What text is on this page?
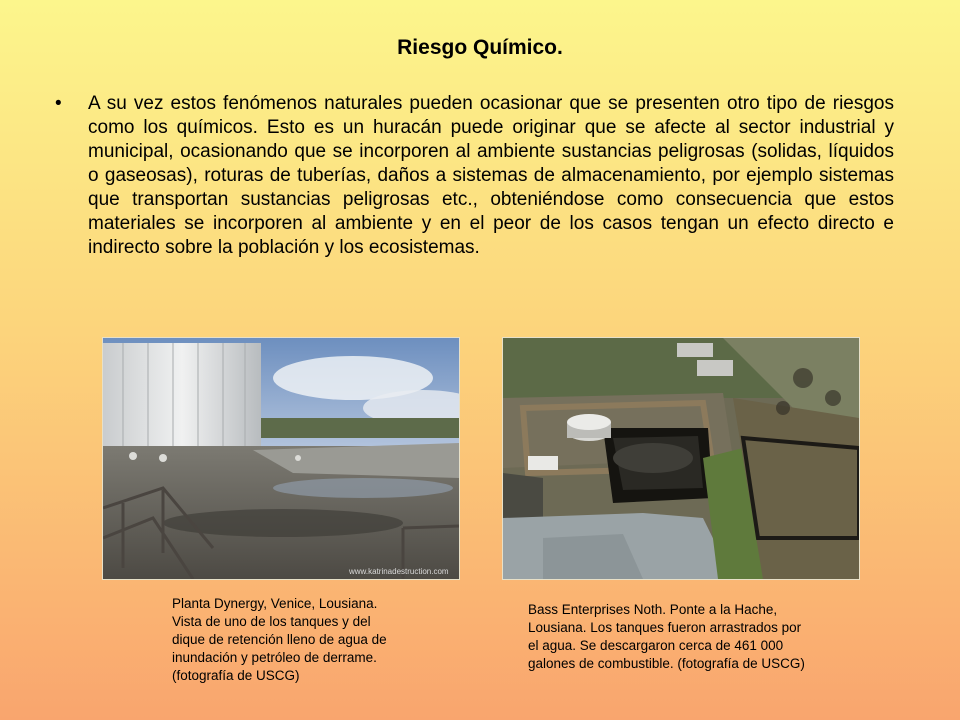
Riesgo Químico.
• A su vez estos fenómenos naturales pueden ocasionar que se presenten otro tipo de riesgos como los químicos. Esto es un huracán puede originar que se afecte al sector industrial y municipal, ocasionando que se incorporen al ambiente sustancias peligrosas (solidas, líquidos o gaseosas), roturas de tuberías, daños a sistemas de almacenamiento, por ejemplo sistemas que transportan sustancias peligrosas etc., obteniéndose como consecuencia que estos materiales se incorporen al ambiente y en el peor de los casos tengan un efecto directo e indirecto sobre la población y los ecosistemas.
www.katrinadestruction.com
Planta Dynergy, Venice, Lousiana.
Vista de uno de los tanques y del
dique de retención lleno de agua de
inundación y petróleo de derrame.
(fotografía de USCG)
Bass Enterprises Noth. Ponte a la Hache,
Lousiana. Los tanques fueron arrastrados por
el agua. Se descargaron cerca de 461 000
galones de combustible. (fotografía de USCG)
